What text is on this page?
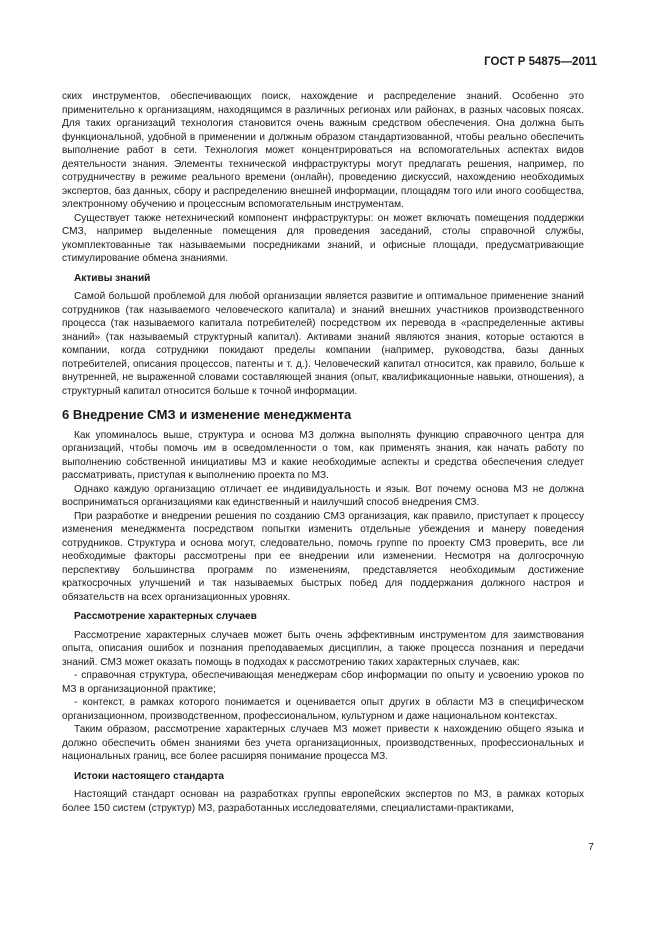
ГОСТ Р 54875—2011

ских инструментов, обеспечивающих поиск, нахождение и распределение знаний. Особенно это применительно к организациям, находящимся в различных регионах или районах, в разных часовых поясах. Для таких организаций технология становится очень важным средством обеспечения. Она должна быть функциональной, удобной в применении и должным образом стандартизованной, чтобы реально обеспечить выполнение работ в сети. Технология может концентрироваться на вспомогательных аспектах видов деятельности знания. Элементы технической инфраструктуры могут предлагать решения, например, по сотрудничеству в режиме реального времени (онлайн), проведению дискуссий, нахождению необходимых экспертов, баз данных, сбору и распределению внешней информации, площадям того или иного сообщества, электронному обучению и процессным вспомогательным инструментам.

Существует также нетехнический компонент инфраструктуры: он может включать помещения поддержки СМЗ, например выделенные помещения для проведения заседаний, столы справочной службы, укомплектованные так называемыми посредниками знаний, и офисные площади, предусматривающие стимулирование обмена знаниями.

Активы знаний

Самой большой проблемой для любой организации является развитие и оптимальное применение знаний сотрудников (так называемого человеческого капитала) и знаний внешних участников производственного процесса (так называемого капитала потребителей) посредством их перевода в «распределенные активы знаний» (так называемый структурный капитал). Активами знаний являются знания, которые остаются в компании, когда сотрудники покидают пределы компании (например, руководства, базы данных потребителей, описания процессов, патенты и т. д.). Человеческий капитал относится, как правило, больше к внутренней, не выраженной словами составляющей знания (опыт, квалификационные навыки, отношения), а структурный капитал относится больше к точной информации.

6 Внедрение СМЗ и изменение менеджмента

Как упоминалось выше, структура и основа МЗ должна выполнять функцию справочного центра для организаций, чтобы помочь им в осведомленности о том, как применять знания, как начать работу по выполнению собственной инициативы МЗ и какие необходимые аспекты и средства обеспечения следует рассматривать, приступая к выполнению проекта по МЗ.

Однако каждую организацию отличает ее индивидуальность и язык. Вот почему основа МЗ не должна восприниматься организациями как единственный и наилучший способ внедрения СМЗ.

При разработке и внедрении решения по созданию СМЗ организация, как правило, приступает к процессу изменения менеджмента посредством попытки изменить отдельные убеждения и манеру поведения сотрудников. Структура и основа могут, следовательно, помочь группе по проекту СМЗ проверить, все ли необходимые факторы рассмотрены при ее внедрении или изменении. Несмотря на долгосрочную перспективу большинства программ по изменениям, представляется необходимым достижение краткосрочных улучшений и так называемых быстрых побед для поддержания должного настроя и обязательств на всех организационных уровнях.

Рассмотрение характерных случаев

Рассмотрение характерных случаев может быть очень эффективным инструментом для заимствования опыта, описания ошибок и познания преподаваемых дисциплин, а также процесса познания и передачи знаний. СМЗ может оказать помощь в подходах к рассмотрению таких характерных случаев, как:

- справочная структура, обеспечивающая менеджерам сбор информации по опыту и усвоению уроков по МЗ в организационной практике;

- контекст, в рамках которого понимается и оценивается опыт других в области МЗ в специфическом организационном, производственном, профессиональном, культурном и даже национальном контекстах.

Таким образом, рассмотрение характерных случаев МЗ может привести к нахождению общего языка и должно обеспечить обмен знаниями без учета организационных, производственных, профессиональных и национальных границ, все более расширяя понимание процесса МЗ.

Истоки настоящего стандарта

Настоящий стандарт основан на разработках группы европейских экспертов по МЗ, в рамках которых более 150 систем (структур) МЗ, разработанных исследователями, специалистами-практиками,

7
